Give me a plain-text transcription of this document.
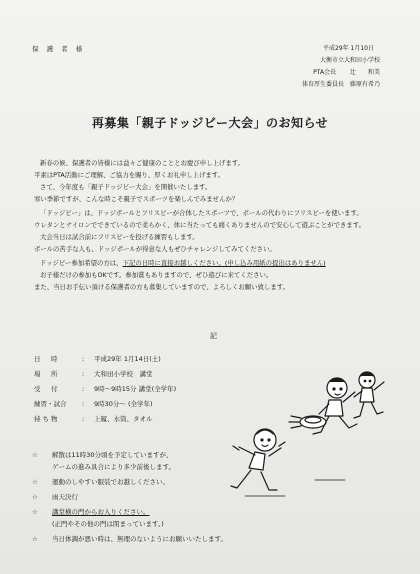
保 護 者 様	平成29年 1月10日
大衡市立大和田小学校
PTA会長　　 辻　　和美
体育厚生委員長　藤原有希乃
再募集「親子ドッジビー大会」のお知らせ
新春の候、保護者の皆様には益々ご健康のこととお慶び申し上げます。
平素はPTA活動にご理解、ご協力を賜り、厚くお礼申し上げます。
さて、今年度も「親子ドッジビー大会」を開催いたします。
寒い季節ですが、こんな時こそ親子でスポーツを楽しんでみませんか？
「ドッジビー」は、ドッジボールとフリスビーが合体したスポーツで、ボールの代わりにフリスビーを使います。
ウレタンとナイロンでできているので柔らかく、体に当たっても痛くありませんので安心して遊ぶことができます。
大会当日は試合前にフリスビーを投げる練習もします。
ボールの苦手な人も、ドッジボールが得意な人もぜひチャレンジしてみてください。
ドッジビー参加希望の方は、下記の日時に直接お越しください。(申し込み用紙の提出はありません)
お子様だけの参加もOKです。参加賞もありますので、ぜひ遊びに来てください。
また、当日お手伝い頂ける保護者の方も募集していますので、よろしくお願い致します。
記
日　時	: 平成29年 1月14日(土)
場　所	: 大和田小学校　講堂
受　付	: 9時～9時15分 講堂(全学年)
練習・試合 : 9時30分～ (全学年)
持ち物	: 上履、水筒、タオル
☆ 解散は11時30分頃を予定していますが、
ゲームの進み具合により多少前後します。
☆ 運動のしやすい服装でお越しください。
☆ 雨天決行
☆ 講堂横の門からお入りください。
(正門やその他の門は閉まっています。)
☆ 当日体調が悪い時は、無理のないようにお願いいたします。
